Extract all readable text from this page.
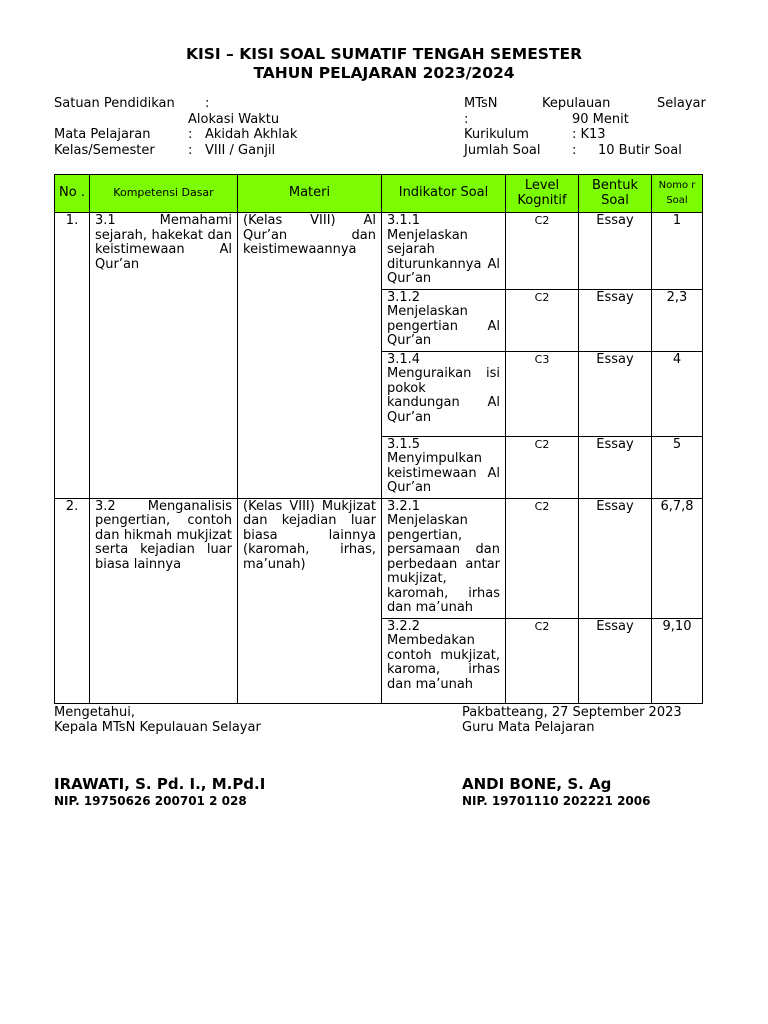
KISI – KISI SOAL SUMATIF TENGAH SEMESTER
TAHUN PELAJARAN 2023/2024
Satuan Pendidikan :	MTsN	Kepulauan	Selayar
Alokasi Waktu	:	90 Menit
Mata Pelajaran	: Akidah Akhlak	Kurikulum	: K13
Kelas/Semester	: VIII / Ganjil	Jumlah Soal : 10 Butir Soal
No .	Kompetensi Dasar	Materi	Indikator Soal	Level Kognitif	Bentuk Soal	Nomo r Soal
1.	3.1 Memahami sejarah, hakekat dan keistimewaan Al Qur’an	(Kelas VIII) Al Qur’an dan keistimewaannya	3.1.1 Menjelaskan sejarah diturunkannya Al Qur’an	C2	Essay	1
			3.1.2 Menjelaskan pengertian Al Qur’an	C2	Essay	2,3
			3.1.4 Menguraikan isi pokok kandungan Al Qur’an	C3	Essay	4
			3.1.5 Menyimpulkan keistimewaan Al Qur’an	C2	Essay	5
2.	3.2 Menganalisis pengertian, contoh dan hikmah mukjizat serta kejadian luar biasa lainnya	(Kelas VIII) Mukjizat dan kejadian luar biasa lainnya (karomah, irhas, ma’unah)	3.2.1 Menjelaskan pengertian, persamaan dan perbedaan antar mukjizat, karomah, irhas dan ma’unah	C2	Essay	6,7,8
			3.2.2 Membedakan contoh mukjizat, karoma, irhas dan ma’unah	C2	Essay	9,10
Mengetahui,
Kepala MTsN Kepulauan Selayar
IRAWATI, S. Pd. I., M.Pd.I
NIP. 19750626 200701 2 028
Pakbatteang, 27 September 2023
Guru Mata Pelajaran
ANDI BONE, S. Ag
NIP. 19701110 202221 2006
